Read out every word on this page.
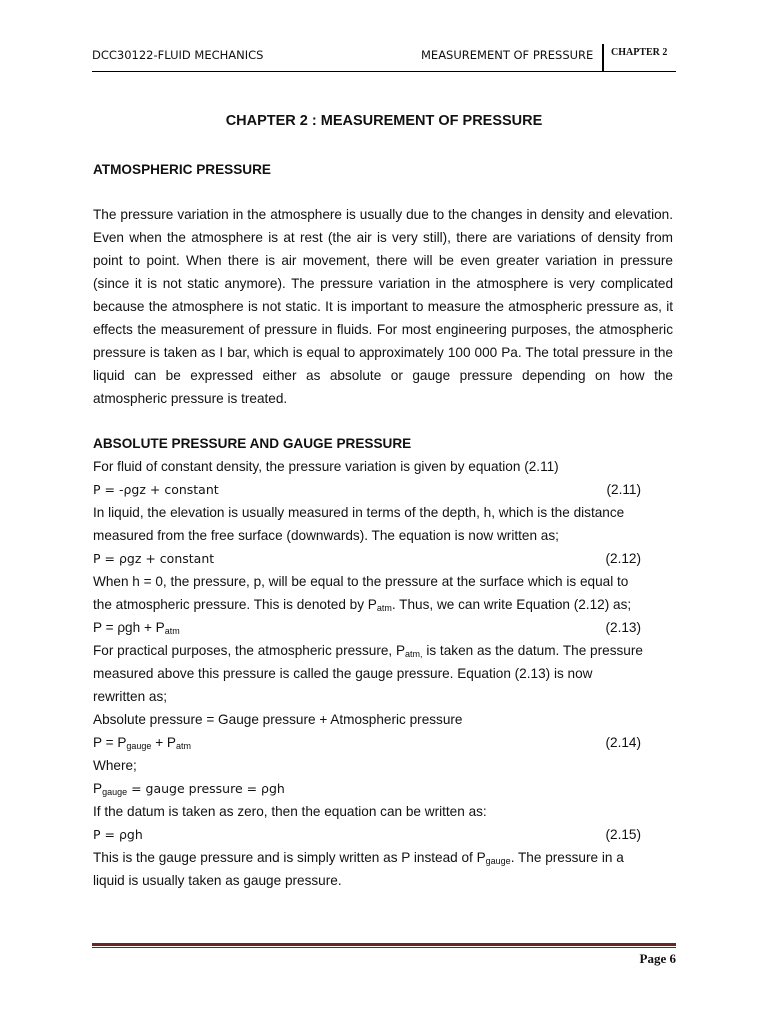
DCC30122-FLUID MECHANICS	MEASUREMENT OF PRESSURE CHAPTER 2
CHAPTER 2 : MEASUREMENT OF PRESSURE
ATMOSPHERIC PRESSURE

The pressure variation in the atmosphere is usually due to the changes in density and elevation. Even when the atmosphere is at rest (the air is very still), there are variations of density from point to point. When there is air movement, there will be even greater variation in pressure (since it is not static anymore). The pressure variation in the atmosphere is very complicated because the atmosphere is not static. It is important to measure the atmospheric pressure as, it effects the measurement of pressure in fluids. For most engineering purposes, the atmospheric pressure is taken as I bar, which is equal to approximately 100 000 Pa. The total pressure in the liquid can be expressed either as absolute or gauge pressure depending on how the atmospheric pressure is treated.

ABSOLUTE PRESSURE AND GAUGE PRESSURE
For fluid of constant density, the pressure variation is given by equation (2.11)
P = -ρgz + constant	(2.11)
In liquid, the elevation is usually measured in terms of the depth, h, which is the distance
measured from the free surface (downwards). The equation is now written as;
P = ρgz + constant	(2.12)
When h = 0, the pressure, p, will be equal to the pressure at the surface which is equal to
the atmospheric pressure. This is denoted by $P_{atm}$. Thus, we can write Equation (2.12) as;
$P = \rho gh + P_{atm}$	(2.13)
For practical purposes, the atmospheric pressure, $P_{atm,}$ is taken as the datum. The pressure
measured above this pressure is called the gauge pressure. Equation (2.13) is now
rewritten as;
Absolute pressure = Gauge pressure + Atmospheric pressure
$P = P_{gauge} + P_{atm}$	(2.14)
Where;
$P_{gauge}$ = gauge pressure = ρgh
If the datum is taken as zero, then the equation can be written as:
P = ρgh	(2.15)
This is the gauge pressure and is simply written as P instead of $P_{gauge}$. The pressure in a
liquid is usually taken as gauge pressure.
Page 6
